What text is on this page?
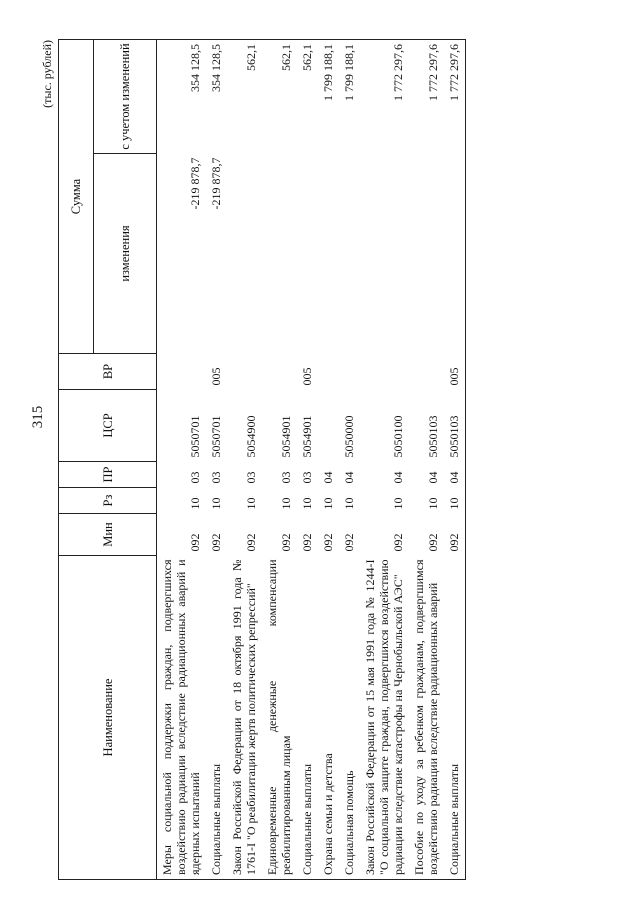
315
(тыс. рублей)
Наименование	Мин	Рз	ПР	ЦСР	ВР	Сумма	
						изменения	с учетом изменений
Меры социальной поддержки граждан, подвергшихся воздействию радиации вследствие радиационных аварий и ядерных испытаний	092	10	03	5050701		-219 878,7	354 128,5
Социальные выплаты	092	10	03	5050701	005	-219 878,7	354 128,5
Закон Российской Федерации от 18 октября 1991 года № 1761-I "О реабилитации жертв политических репрессий"	092	10	03	5054900			562,1
Единовременные денежные компенсации реабилитированным лицам	092	10	03	5054901			562,1
Социальные выплаты	092	10	03	5054901	005		562,1
Охрана семьи и детства	092	10	04				1 799 188,1
Социальная помощь	092	10	04	5050000			1 799 188,1
Закон Российской Федерации от 15 мая 1991 года № 1244-I "О социальной защите граждан, подвергшихся воздействию радиации вследствие катастрофы на Чернобыльской АЭС"	092	10	04	5050100			1 772 297,6
Пособие по уходу за ребенком гражданам, подвергшимся воздействию радиации вследствие радиационных аварий	092	10	04	5050103			1 772 297,6
Социальные выплаты	092	10	04	5050103	005		1 772 297,6
